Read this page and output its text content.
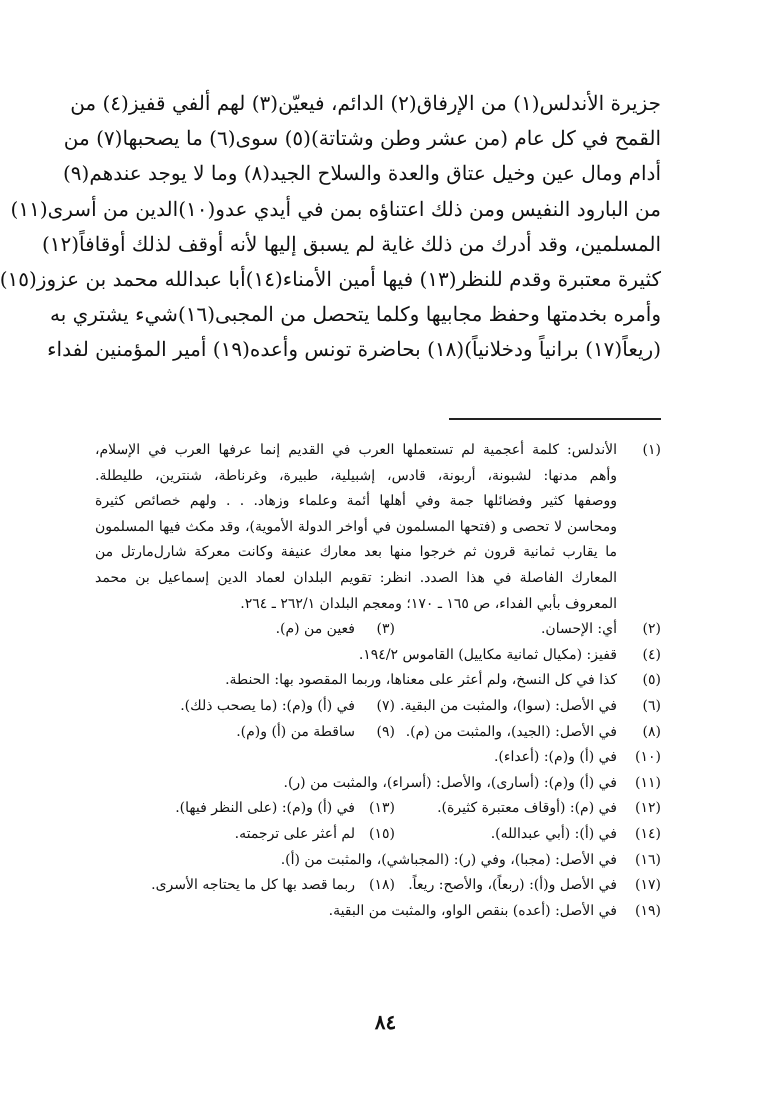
جزيرة الأندلس(١) من الإرفاق(٢) الدائم، فيعيّن(٣) لهم ألفي قفيز(٤) من
القمح في كل عام (من عشر وطن وشتاتة)(٥) سوى(٦) ما يصحبها(٧) من
أدام ومال عين وخيل عتاق والعدة والسلاح الجيد(٨) وما لا يوجد عندهم(٩)
من البارود النفيس ومن ذلك اعتناؤه بمن في أيدي عدو(١٠)الدين من أسرى(١١)
المسلمين، وقد أدرك من ذلك غاية لم يسبق إليها لأنه أوقف لذلك أوقافاً(١٢)
كثيرة معتبرة وقدم للنظر(١٣) فيها أمين الأمناء(١٤)أبا عبدالله محمد بن عزوز(١٥)
وأمره بخدمتها وحفظ مجابيها وكلما يتحصل من المجبى(١٦)شيء يشتري به
(ريعاً(١٧) برانياً ودخلانياً)(١٨) بحاضرة تونس وأعده(١٩) أمير المؤمنين لفداء
(١)
الأندلس: كلمة أعجمية لم تستعملها العرب في القديم إنما عرفها العرب في الإسلام،
وأهم مدنها: لشبونة، أربونة، قادس، إشبيلية، طبيرة، وغرناطة، شنترين، طليطلة.
ووصفها كثير وفضائلها جمة وفي أهلها أئمة وعلماء وزهاد. . . ولهم خصائص كثيرة
ومحاسن لا تحصى و (فتحها المسلمون في أواخر الدولة الأموية)، وقد مكث فيها المسلمون
ما يقارب ثمانية قرون ثم خرجوا منها بعد معارك عنيفة وكانت معركة شارل‌مارتل من
المعارك الفاصلة في هذا الصدد. انظر: تقويم البلدان لعماد الدين إسماعيل بن محمد
المعروف بأبي الفداء، ص ١٦٥ ـ ١٧٠؛ ومعجم البلدان ٢٦٢/١ ـ ٢٦٤.
(٢)
أي: الإحسان.
(٣)
فعين من (م).
(٤)
قفيز: (مكيال ثمانية مكاييل) القاموس ١٩٤/٢.
(٥)
كذا في كل النسخ، ولم أعثر على معناها، وربما المقصود بها: الحنطة.
(٦)
في الأصل: (سوا)، والمثبت من البقية.
(٧)
في (أ) و(م): (ما يصحب ذلك).
(٨)
في الأصل: (الجيد)، والمثبت من (م).
(٩)
ساقطة من (أ) و(م).
(١٠)
في (أ) و(م): (أعداء).
(١١)
في (أ) و(م): (أسارى)، والأصل: (أسراء)، والمثبت من (ر).
(١٢)
في (م): (أوقاف معتبرة كثيرة).
(١٣)
في (أ) و(م): (على النظر فيها).
(١٤)
في (أ): (أبي عبدالله).
(١٥)
لم أعثر على ترجمته.
(١٦)
في الأصل: (مجبا)، وفي (ر): (المجباشي)، والمثبت من (أ).
(١٧)
في الأصل و(أ): (ربعاً)، والأصح: ريعاً.
(١٨)
ربما قصد بها كل ما يحتاجه الأسرى.
(١٩)
في الأصل: (أعده) بنقص الواو، والمثبت من البقية.
٨٤
